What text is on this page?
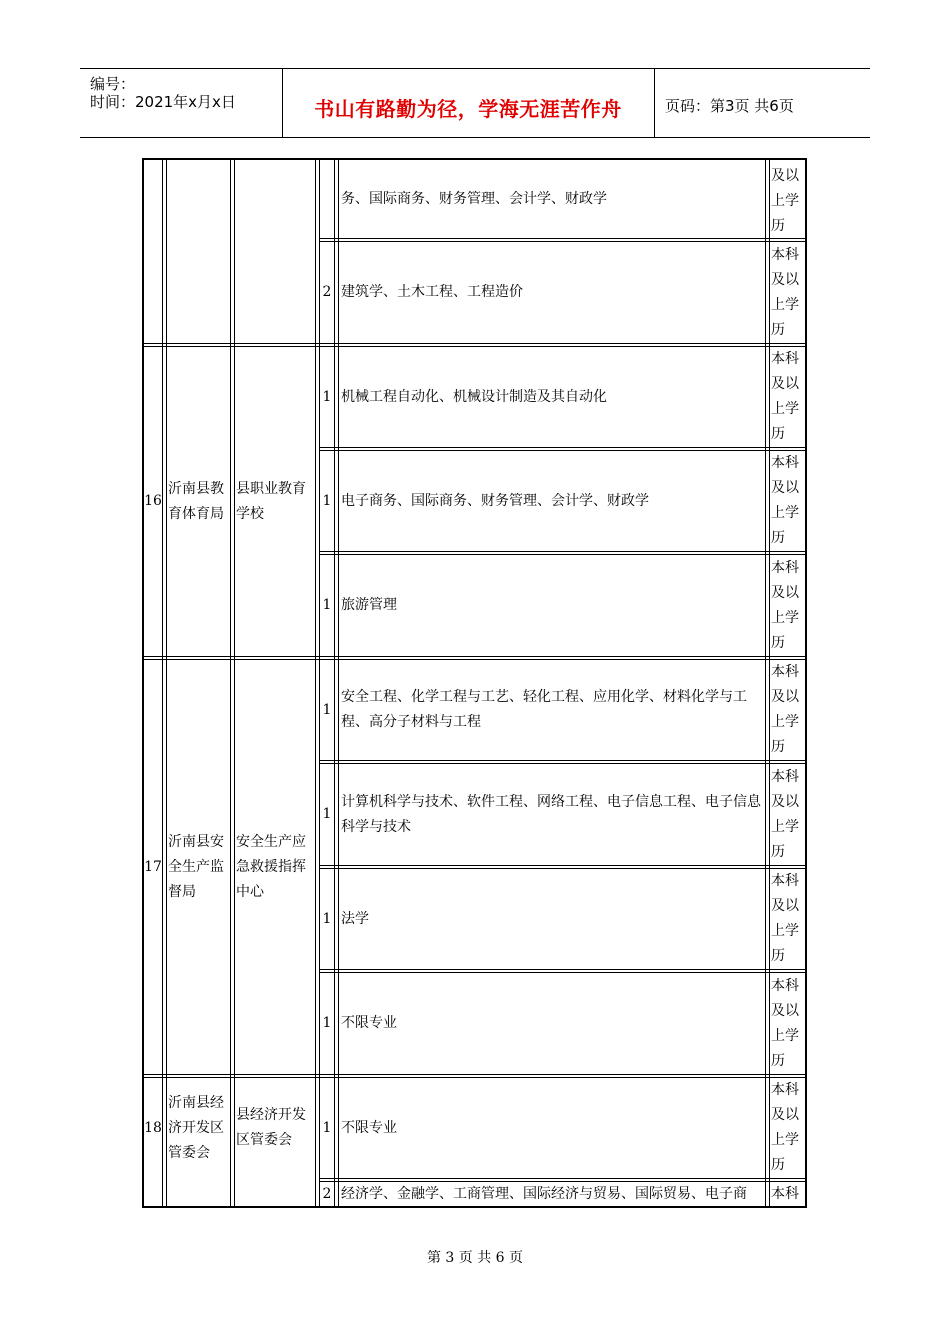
编号：
时间：2021年x月x日	书山有路勤为径，学海无涯苦作舟	页码：第3页 共6页
务、国际商务、财务管理、会计学、财政学
及以上学历
2 建筑学、土木工程、工程造价
本科及以上学历
16
沂南县教育体育局
县职业教育学校
1 机械工程自动化、机械设计制造及其自动化
本科及以上学历
1 电子商务、国际商务、财务管理、会计学、财政学
本科及以上学历
1 旅游管理
本科及以上学历
17
沂南县安全生产监督局
安全生产应急救援指挥中心
1
安全工程、化学工程与工艺、轻化工程、应用化学、材料化学与工程、高分子材料与工程
本科及以上学历
1
计算机科学与技术、软件工程、网络工程、电子信息工程、电子信息科学与技术
本科及以上学历
1 法学
本科及以上学历
1 不限专业
本科及以上学历
18
沂南县经济开发区管委会
县经济开发区管委会
1 不限专业
本科及以上学历
2 经济学、金融学、工商管理、国际经济与贸易、国际贸易、电子商 本科
第 3 页 共 6 页
